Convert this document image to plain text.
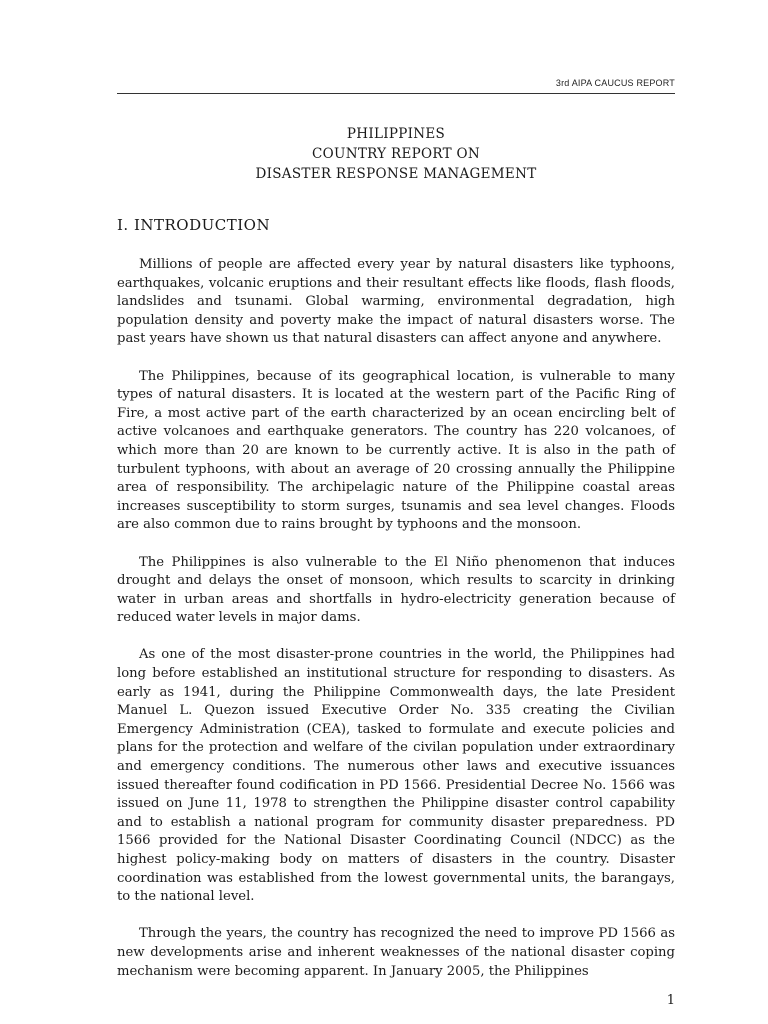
3rd AIPA CAUCUS REPORT
PHILIPPINES
COUNTRY REPORT ON
DISASTER RESPONSE MANAGEMENT
I. INTRODUCTION

Millions of people are affected every year by natural disasters like typhoons, earthquakes, volcanic eruptions and their resultant effects like floods, flash floods, landslides and tsunami. Global warming, environmental degradation, high population density and poverty make the impact of natural disasters worse. The past years have shown us that natural disasters can affect anyone and anywhere.

The Philippines, because of its geographical location, is vulnerable to many types of natural disasters. It is located at the western part of the Pacific Ring of Fire, a most active part of the earth characterized by an ocean encircling belt of active volcanoes and earthquake generators. The country has 220 volcanoes, of which more than 20 are known to be currently active. It is also in the path of turbulent typhoons, with about an average of 20 crossing annually the Philippine area of responsibility. The archipelagic nature of the Philippine coastal areas increases susceptibility to storm surges, tsunamis and sea level changes. Floods are also common due to rains brought by typhoons and the monsoon.

The Philippines is also vulnerable to the El Niño phenomenon that induces drought and delays the onset of monsoon, which results to scarcity in drinking water in urban areas and shortfalls in hydro-electricity generation because of reduced water levels in major dams.

As one of the most disaster-prone countries in the world, the Philippines had long before established an institutional structure for responding to disasters. As early as 1941, during the Philippine Commonwealth days, the late President Manuel L. Quezon issued Executive Order No. 335 creating the Civilian Emergency Administration (CEA), tasked to formulate and execute policies and plans for the protection and welfare of the civilan population under extraordinary and emergency conditions. The numerous other laws and executive issuances issued thereafter found codification in PD 1566. Presidential Decree No. 1566 was issued on June 11, 1978 to strengthen the Philippine disaster control capability and to establish a national program for community disaster preparedness. PD 1566 provided for the National Disaster Coordinating Council (NDCC) as the highest policy-making body on matters of disasters in the country. Disaster coordination was established from the lowest governmental units, the barangays, to the national level.

Through the years, the country has recognized the need to improve PD 1566 as new developments arise and inherent weaknesses of the national disaster coping mechanism were becoming apparent. In January 2005, the Philippines

1
